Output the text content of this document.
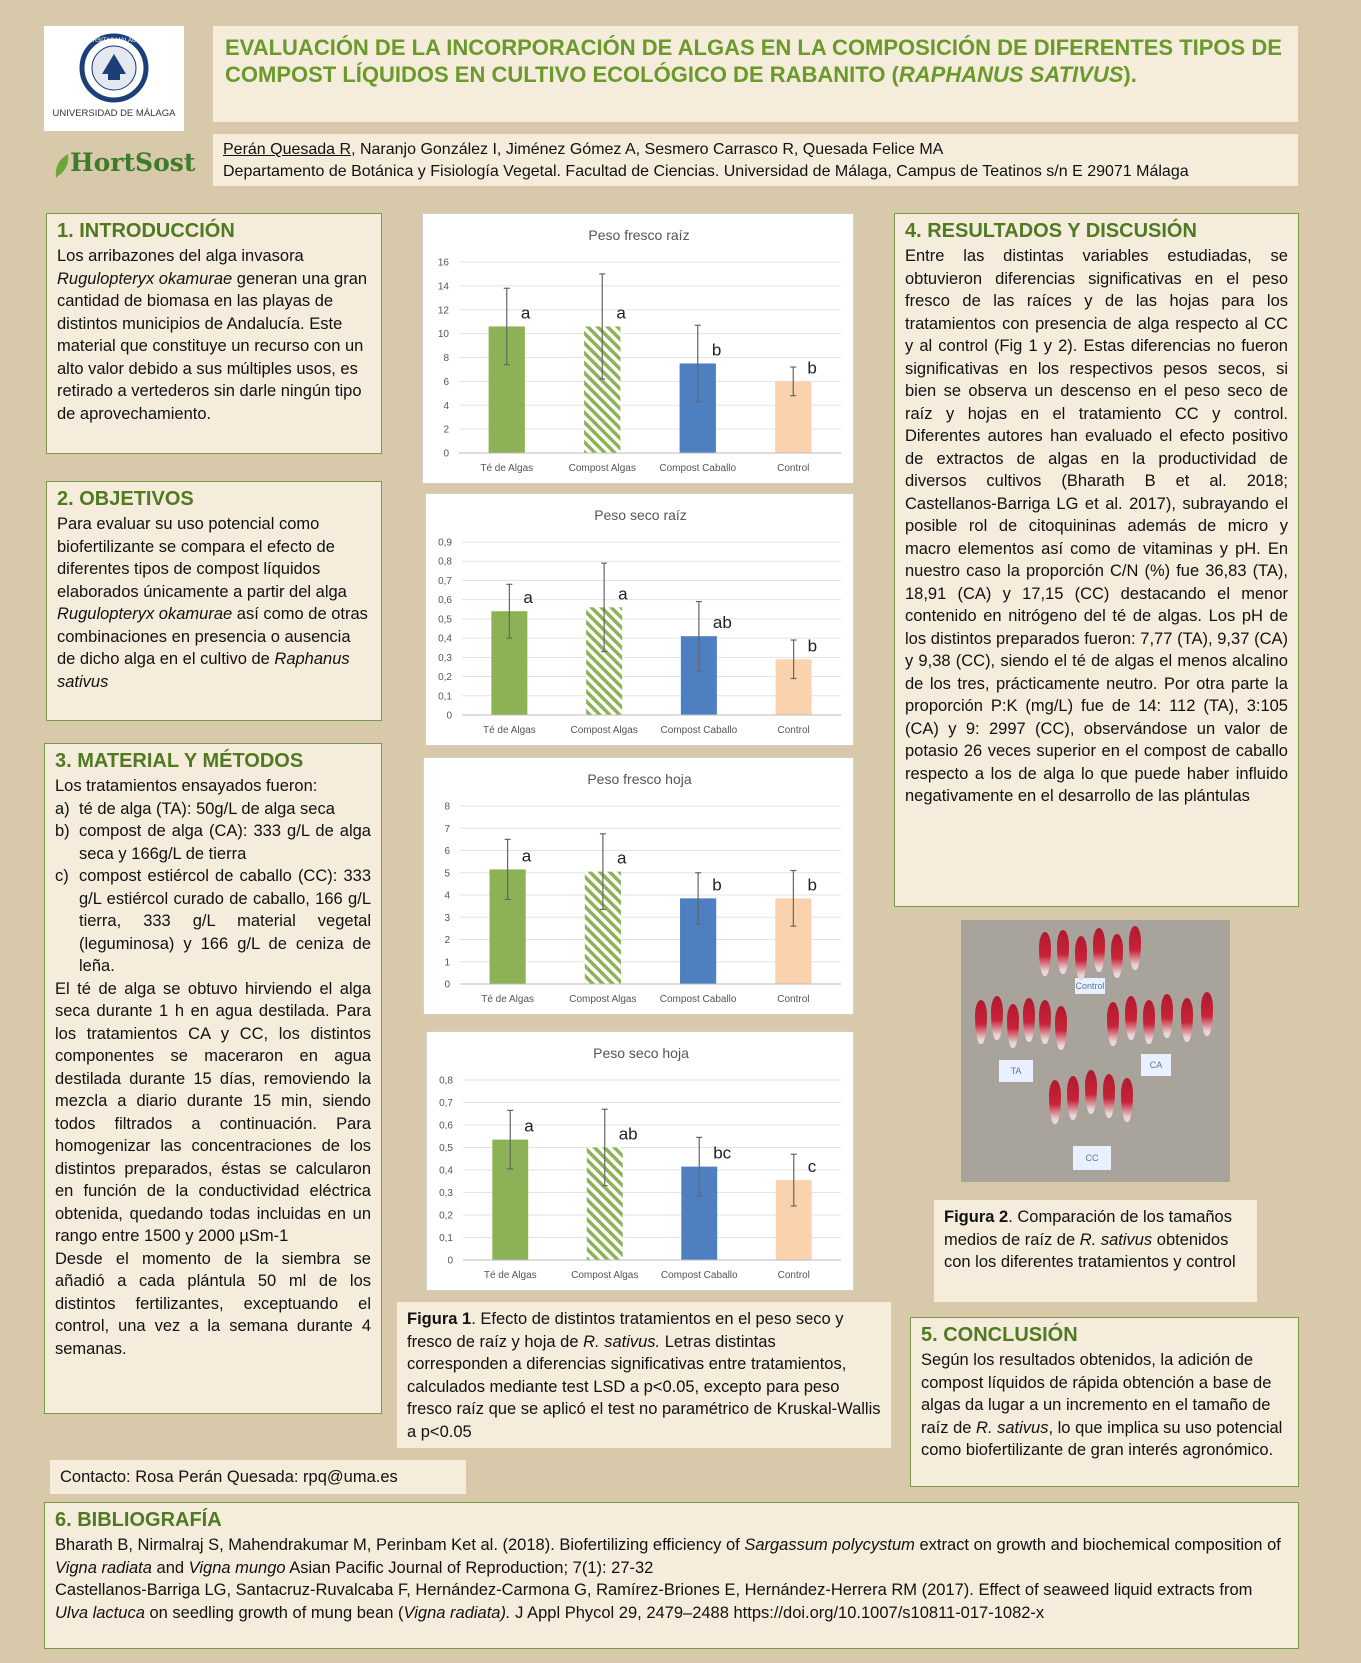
UNIVERSITAS MALACITANA
UNIVERSIDAD DE MÁLAGA
HortSost
EVALUACIÓN DE LA INCORPORACIÓN DE ALGAS EN LA COMPOSICIÓN DE DIFERENTES TIPOS DE COMPOST LÍQUIDOS EN CULTIVO ECOLÓGICO DE RABANITO (RAPHANUS SATIVUS).
Perán Quesada R, Naranjo González I, Jiménez Gómez A, Sesmero Carrasco R, Quesada Felice MA
Departamento de Botánica y Fisiología Vegetal. Facultad de Ciencias. Universidad de Málaga, Campus de Teatinos s/n E 29071 Málaga
1. INTRODUCCIÓN
Los arribazones del alga invasora Rugulopteryx okamurae generan una gran cantidad de biomasa en las playas de distintos municipios de Andalucía. Este material que constituye un recurso con un alto valor debido a sus múltiples usos, es retirado a vertederos sin darle ningún tipo de aprovechamiento.
2. OBJETIVOS
Para evaluar su uso potencial como biofertilizante se compara el efecto de diferentes tipos de compost líquidos elaborados únicamente a partir del alga Rugulopteryx okamurae así como de otras combinaciones en presencia o ausencia de dicho alga en el cultivo de Raphanus sativus
3. MATERIAL Y MÉTODOS
Los tratamientos ensayados fueron:
a) té de alga (TA): 50g/L de alga seca
b) compost de alga (CA): 333 g/L de alga seca y 166g/L de tierra
c) compost estiércol de caballo (CC): 333 g/L estiércol curado de caballo, 166 g/L tierra, 333 g/L material vegetal (leguminosa) y 166 g/L de ceniza de leña.
El té de alga se obtuvo hirviendo el alga seca durante 1 h en agua destilada. Para los tratamientos CA y CC, los distintos componentes se maceraron en agua destilada durante 15 días, removiendo la mezcla a diario durante 15 min, siendo todos filtrados a continuación. Para homogenizar las concentraciones de los distintos preparados, éstas se calcularon en función de la conductividad eléctrica obtenida, quedando todas incluidas en un rango entre 1500 y 2000 µSm-1
Desde el momento de la siembra se añadió a cada plántula 50 ml de los distintos fertilizantes, exceptuando el control, una vez a la semana durante 4 semanas.
Peso fresco raíz
0
2
4
6
8
10
12
14
16
a
Té de Algas
a
Compost Algas
b
Compost Caballo
b
Control
Peso seco raíz
0
0,1
0,2
0,3
0,4
0,5
0,6
0,7
0,8
0,9
a
Té de Algas
a
Compost Algas
ab
Compost Caballo
b
Control
Peso fresco hoja
0
1
2
3
4
5
6
7
8
a
Té de Algas
a
Compost Algas
b
Compost Caballo
b
Control
Peso seco hoja
0
0,1
0,2
0,3
0,4
0,5
0,6
0,7
0,8
a
Té de Algas
ab
Compost Algas
bc
Compost Caballo
c
Control
Figura 1. Efecto de distintos tratamientos en el peso seco y fresco de raíz y hoja de R. sativus. Letras distintas corresponden a diferencias significativas entre tratamientos, calculados mediante test LSD a p<0.05, excepto para peso fresco raíz que se aplicó el test no paramétrico de Kruskal-Wallis a p<0.05
Contacto: Rosa Perán Quesada: rpq@uma.es
4. RESULTADOS Y DISCUSIÓN
Entre las distintas variables estudiadas, se obtuvieron diferencias significativas en el peso fresco de las raíces y de las hojas para los tratamientos con presencia de alga respecto al CC y al control (Fig 1 y 2). Estas diferencias no fueron significativas en los respectivos pesos secos, si bien se observa un descenso en el peso seco de raíz y hojas en el tratamiento CC y control. Diferentes autores han evaluado el efecto positivo de extractos de algas en la productividad de diversos cultivos (Bharath B et al. 2018; Castellanos-Barriga LG et al. 2017), subrayando el posible rol de citoquininas además de micro y macro elementos así como de vitaminas y pH. En nuestro caso la proporción C/N (%) fue 36,83 (TA), 18,91 (CA) y 17,15 (CC) destacando el menor contenido en nitrógeno del té de algas. Los pH de los distintos preparados fueron: 7,77 (TA), 9,37 (CA) y 9,38 (CC), siendo el té de algas el menos alcalino de los tres, prácticamente neutro. Por otra parte la proporción P:K (mg/L) fue de 14: 112 (TA), 3:105 (CA) y 9: 2997 (CC), observándose un valor de potasio 26 veces superior en el compost de caballo respecto a los de alga lo que puede haber influido negativamente en el desarrollo de las plántulas
Control
TA
CA
CC
Figura 2. Comparación de los tamaños medios de raíz de R. sativus obtenidos con los diferentes tratamientos y control
5. CONCLUSIÓN
Según los resultados obtenidos, la adición de compost líquidos de rápida obtención a base de algas da lugar a un incremento en el tamaño de raíz de R. sativus, lo que implica su uso potencial como biofertilizante de gran interés agronómico.
6. BIBLIOGRAFÍA
Bharath B, Nirmalraj S, Mahendrakumar M, Perinbam Ket al. (2018). Biofertilizing efficiency of Sargassum polycystum extract on growth and biochemical composition of Vigna radiata and Vigna mungo Asian Pacific Journal of Reproduction; 7(1): 27-32
Castellanos-Barriga LG, Santacruz-Ruvalcaba F, Hernández-Carmona G, Ramírez-Briones E, Hernández-Herrera RM (2017). Effect of seaweed liquid extracts from Ulva lactuca on seedling growth of mung bean (Vigna radiata). J Appl Phycol 29, 2479–2488 https://doi.org/10.1007/s10811-017-1082-x
